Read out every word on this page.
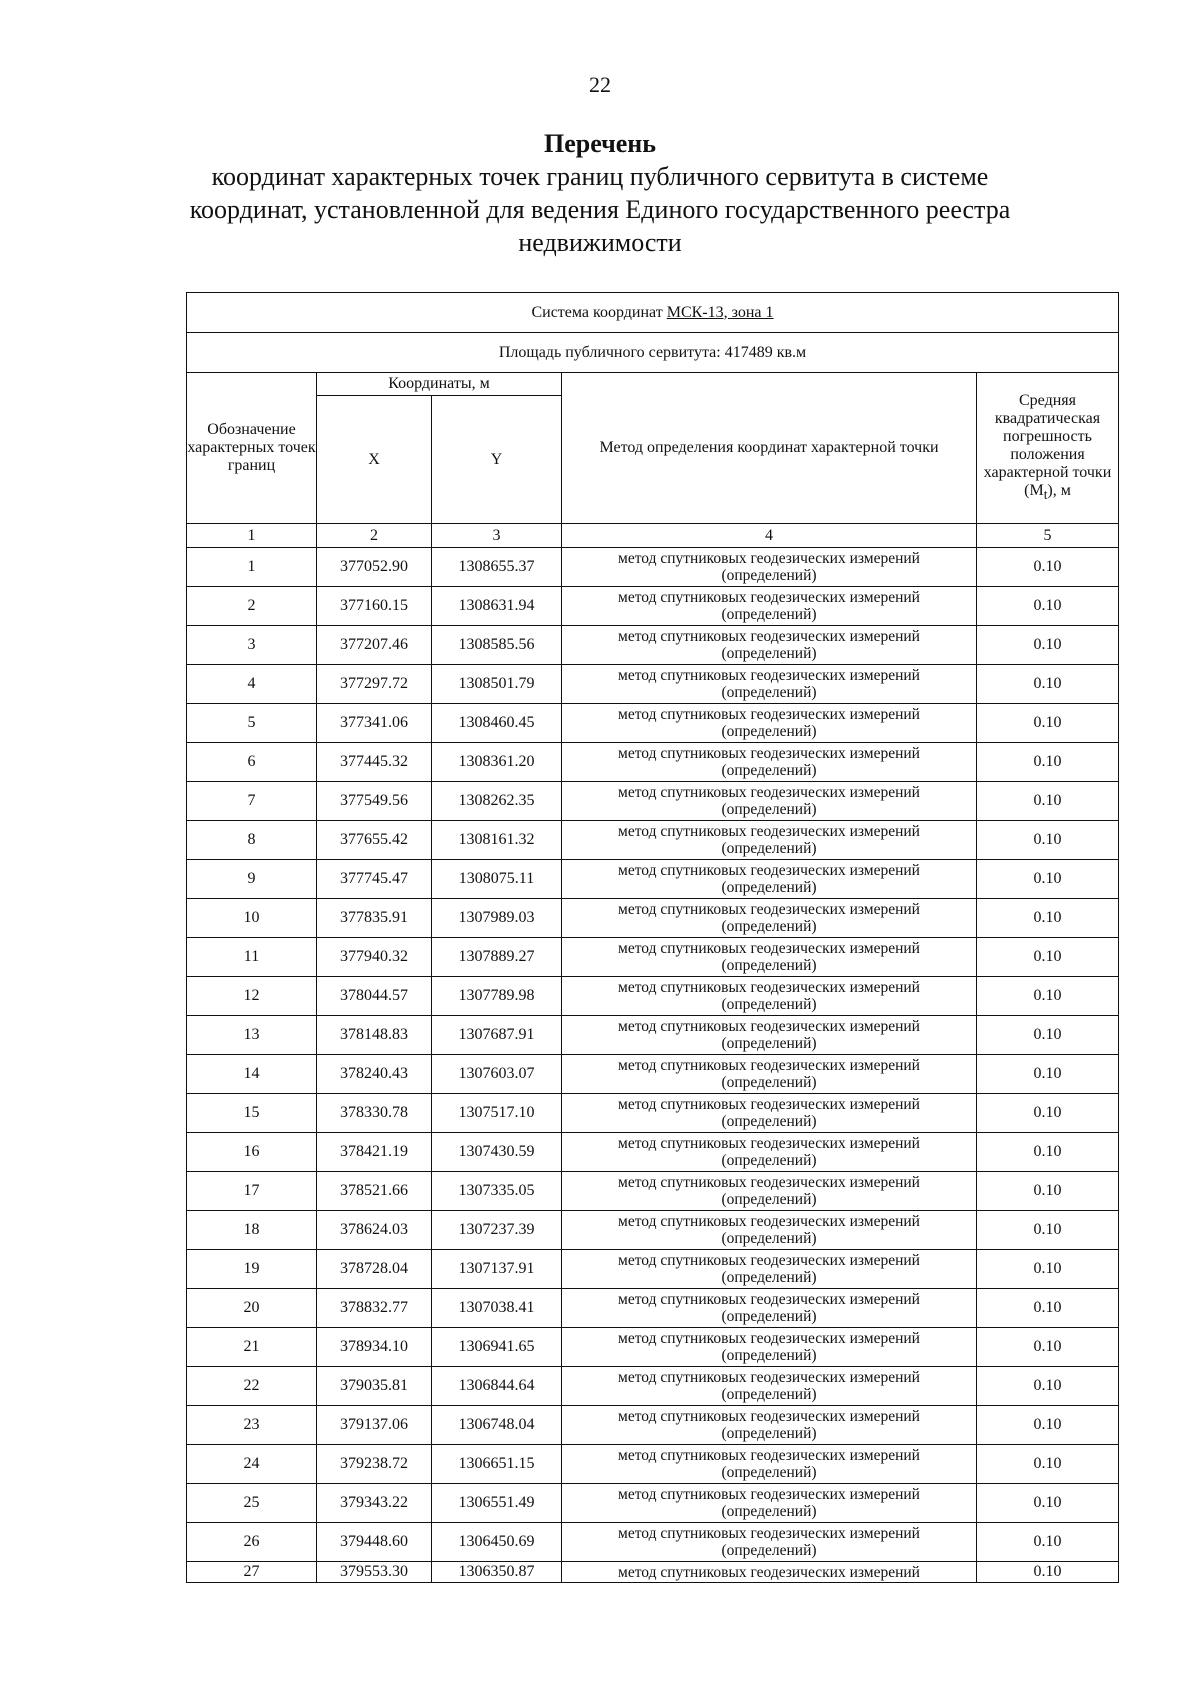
22
Перечень
координат характерных точек границ публичного сервитута в системе
координат, установленной для ведения Единого государственного реестра
недвижимости
Система координат МСК-13, зона 1				
Площадь публичного сервитута: 417489 кв.м				
Обозначение характерных точек границ	Координаты, м		Метод определения координат характерной точки	Средняя квадратическая погрешность положения характерной точки $(M_t)$, м
	X	Y		
1	2	3	4	5
1	377052.90	1308655.37	метод спутниковых геодезических измерений
(определений)	0.10
2	377160.15	1308631.94	метод спутниковых геодезических измерений
(определений)	0.10
3	377207.46	1308585.56	метод спутниковых геодезических измерений
(определений)	0.10
4	377297.72	1308501.79	метод спутниковых геодезических измерений
(определений)	0.10
5	377341.06	1308460.45	метод спутниковых геодезических измерений
(определений)	0.10
6	377445.32	1308361.20	метод спутниковых геодезических измерений
(определений)	0.10
7	377549.56	1308262.35	метод спутниковых геодезических измерений
(определений)	0.10
8	377655.42	1308161.32	метод спутниковых геодезических измерений
(определений)	0.10
9	377745.47	1308075.11	метод спутниковых геодезических измерений
(определений)	0.10
10	377835.91	1307989.03	метод спутниковых геодезических измерений
(определений)	0.10
11	377940.32	1307889.27	метод спутниковых геодезических измерений
(определений)	0.10
12	378044.57	1307789.98	метод спутниковых геодезических измерений
(определений)	0.10
13	378148.83	1307687.91	метод спутниковых геодезических измерений
(определений)	0.10
14	378240.43	1307603.07	метод спутниковых геодезических измерений
(определений)	0.10
15	378330.78	1307517.10	метод спутниковых геодезических измерений
(определений)	0.10
16	378421.19	1307430.59	метод спутниковых геодезических измерений
(определений)	0.10
17	378521.66	1307335.05	метод спутниковых геодезических измерений
(определений)	0.10
18	378624.03	1307237.39	метод спутниковых геодезических измерений
(определений)	0.10
19	378728.04	1307137.91	метод спутниковых геодезических измерений
(определений)	0.10
20	378832.77	1307038.41	метод спутниковых геодезических измерений
(определений)	0.10
21	378934.10	1306941.65	метод спутниковых геодезических измерений
(определений)	0.10
22	379035.81	1306844.64	метод спутниковых геодезических измерений
(определений)	0.10
23	379137.06	1306748.04	метод спутниковых геодезических измерений
(определений)	0.10
24	379238.72	1306651.15	метод спутниковых геодезических измерений
(определений)	0.10
25	379343.22	1306551.49	метод спутниковых геодезических измерений
(определений)	0.10
26	379448.60	1306450.69	метод спутниковых геодезических измерений
(определений)	0.10
27	379553.30	1306350.87	метод спутниковых геодезических измерений	0.10
